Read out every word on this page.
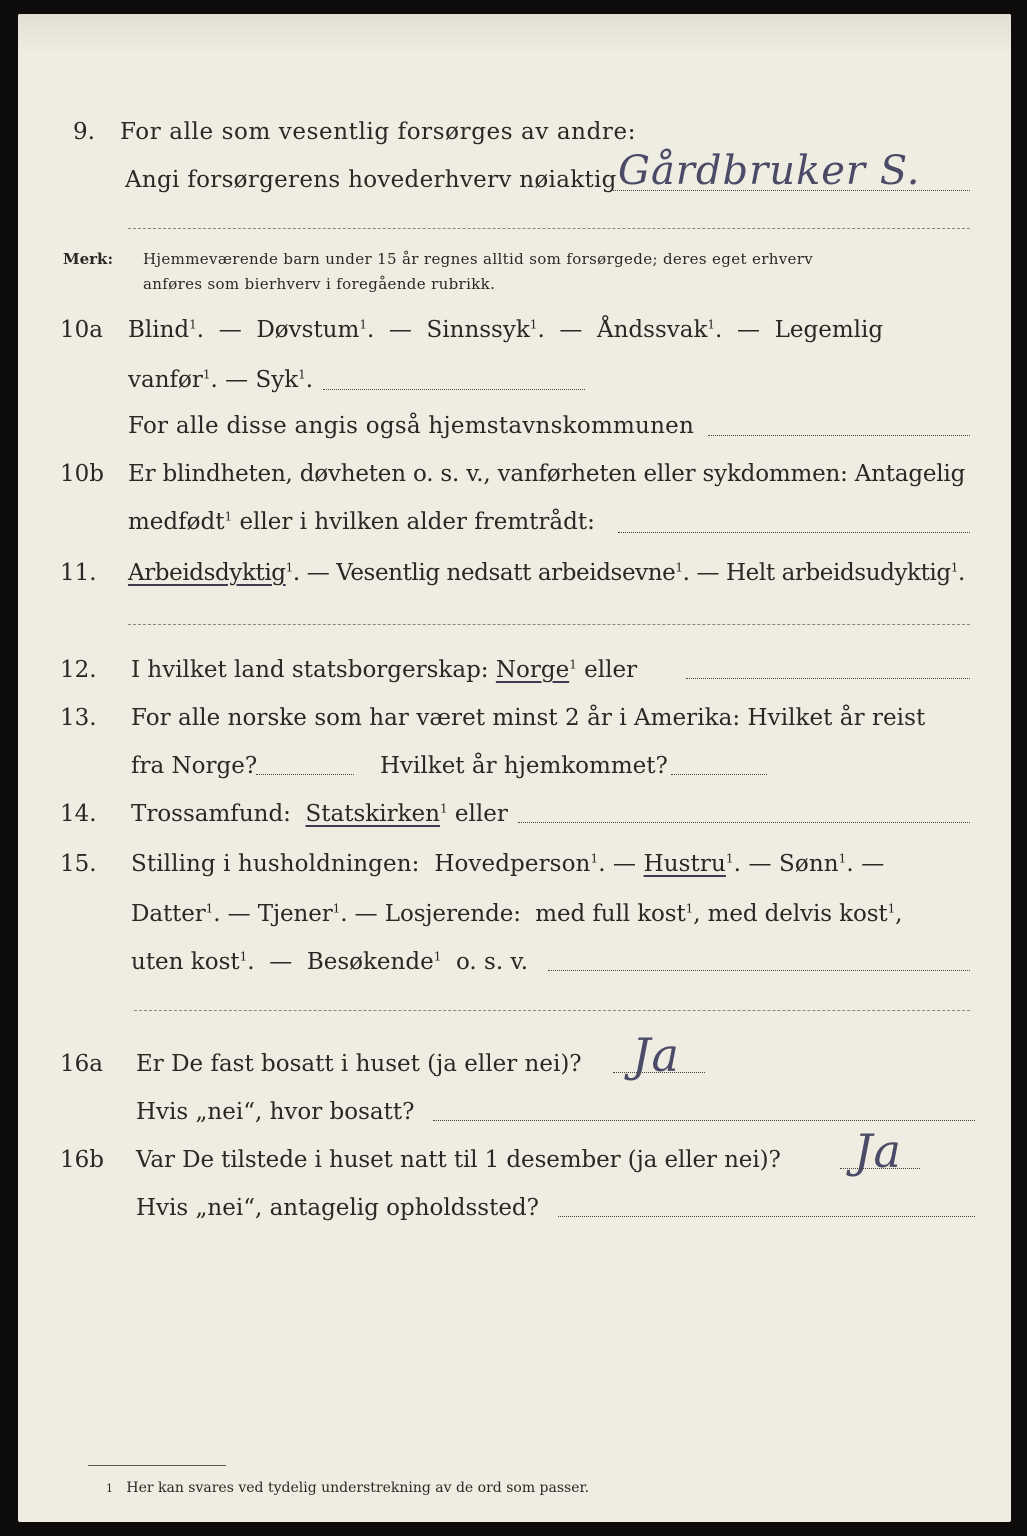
9. For alle som vesentlig forsørges av andre:
Angi forsørgerens hovederhverv nøiaktig Gårdbruker S.
Merk: Hjemmeværende barn under 15 år regnes alltid som forsørgede; deres eget erhverv
anføres som bierhverv i foregående rubrikk.
10a Blind$^1$. — Døvstum$^1$. — Sinnssyk$^1$. — Åndssvak$^1$. — Legemlig
vanfør$^1$. — Syk$^1$.
For alle disse angis også hjemstavnskommunen
10b Er blindheten, døvheten o. s. v., vanførheten eller sykdommen: Antagelig
medfødt$^1$ eller i hvilken alder fremtrådt:
11. Arbeidsdyktig$^1$. — Vesentlig nedsatt arbeidsevne$^1$. — Helt arbeidsudyktig$^1$.
12. I hvilket land statsborgerskap: Norge$^1$ eller
13. For alle norske som har været minst 2 år i Amerika: Hvilket år reist
fra Norge?	Hvilket år hjemkommet?
14. Trossamfund: Statskirken$^1$ eller
15. Stilling i husholdningen: Hovedperson$^1$. — Hustru$^1$. — Sønn$^1$. —
Datter$^1$. — Tjener$^1$. — Losjerende: med full kost$^1$, med delvis kost$^1$,
uten kost$^1$. — Besøkende$^1$ o. s. v.
16a Er De fast bosatt i huset (ja eller nei)? Ja
Hvis „nei“, hvor bosatt?
16b Var De tilstede i huset natt til 1 desember (ja eller nei)? Ja
Hvis „nei“, antagelig opholdssted?
1 Her kan svares ved tydelig understrekning av de ord som passer.
